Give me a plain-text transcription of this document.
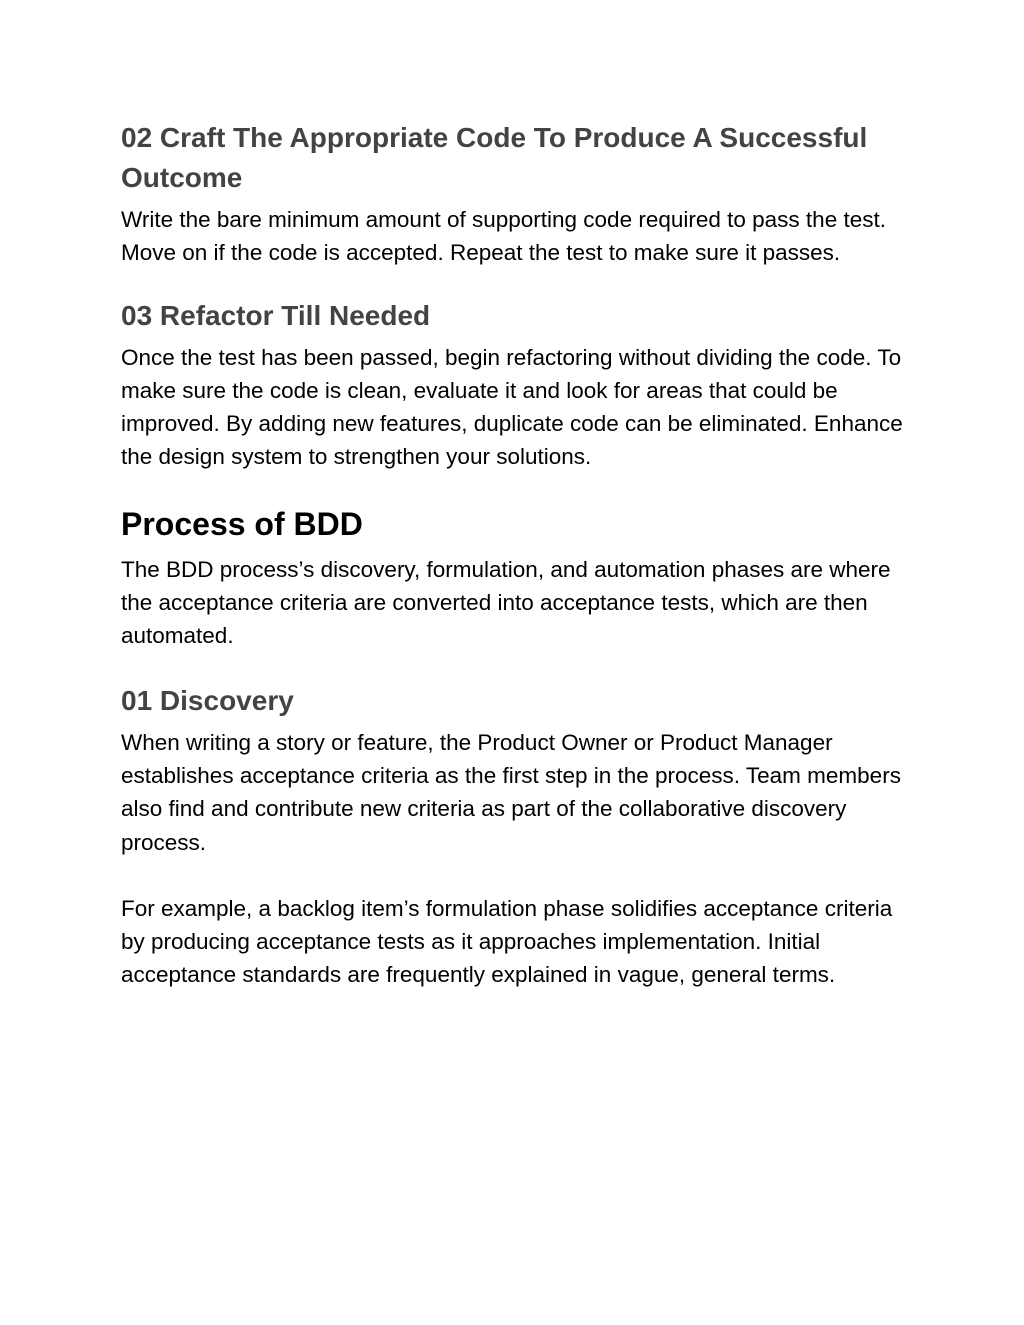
02 Craft The Appropriate Code To Produce A Successful Outcome

Write the bare minimum amount of supporting code required to pass the test. Move on if the code is accepted. Repeat the test to make sure it passes.

03 Refactor Till Needed

Once the test has been passed, begin refactoring without dividing the code. To make sure the code is clean, evaluate it and look for areas that could be improved. By adding new features, duplicate code can be eliminated. Enhance the design system to strengthen your solutions.

Process of BDD

The BDD process’s discovery, formulation, and automation phases are where the acceptance criteria are converted into acceptance tests, which are then automated.

01 Discovery

When writing a story or feature, the Product Owner or Product Manager establishes acceptance criteria as the first step in the process. Team members also find and contribute new criteria as part of the collaborative discovery process.

For example, a backlog item’s formulation phase solidifies acceptance criteria by producing acceptance tests as it approaches implementation. Initial acceptance standards are frequently explained in vague, general terms.
